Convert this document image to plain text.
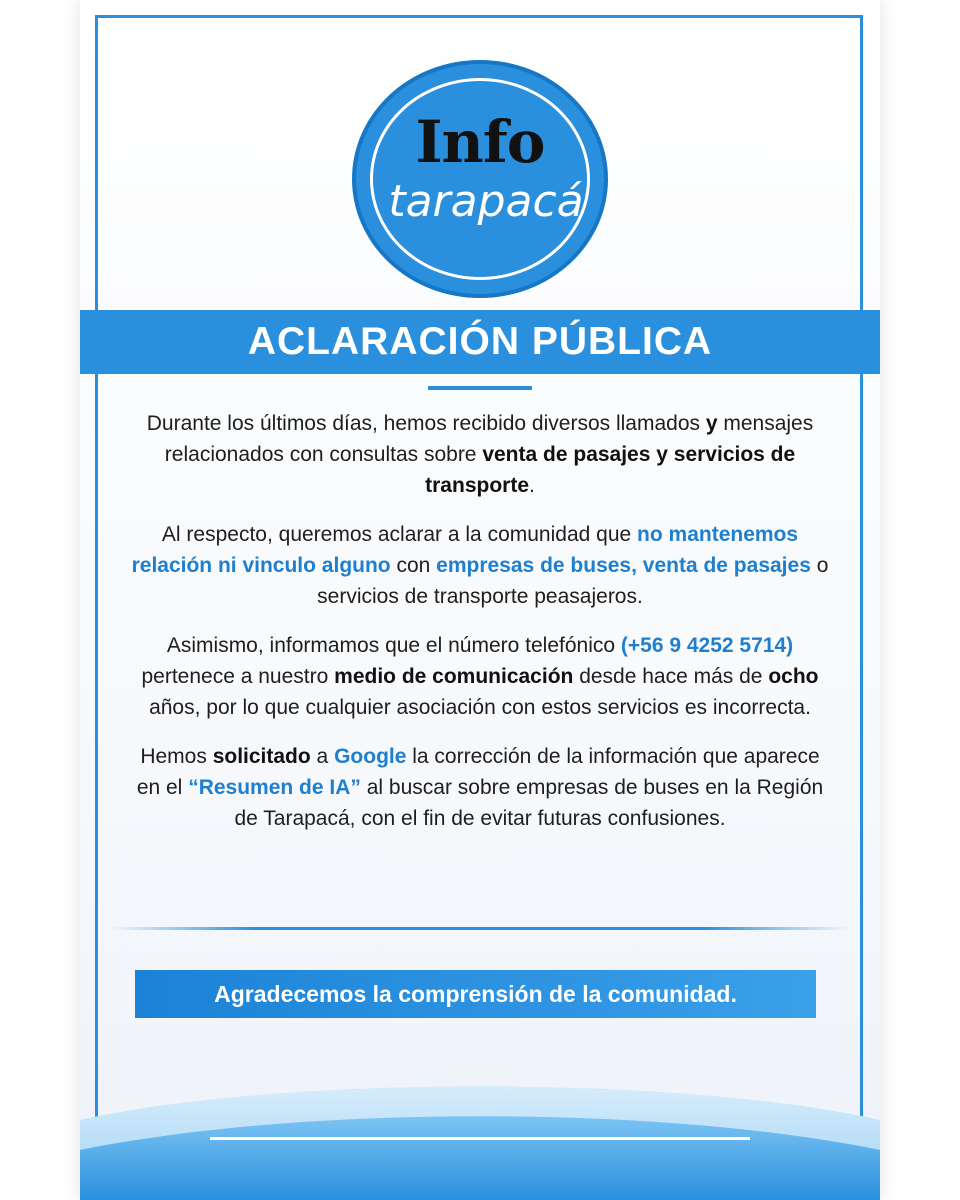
Info
tarapacá
ACLARACIÓN PÚBLICA

Durante los últimos días, hemos recibido diversos llamados y mensajes relacionados con consultas sobre venta de pasajes y servicios de transporte.

Al respecto, queremos aclarar a la comunidad que no mantenemos relación ni vinculo alguno con empresas de buses, venta de pasajes o servicios de transporte peasajeros.

Asimismo, informamos que el número telefónico (+56 9 4252 5714) pertenece a nuestro medio de comunicación desde hace más de ocho años, por lo que cualquier asociación con estos servicios es incorrecta.

Hemos solicitado a Google la corrección de la información que aparece en el “Resumen de IA” al buscar sobre empresas de buses en la Región de Tarapacá, con el fin de evitar futuras confusiones.

Agradecemos la comprensión de la comunidad.
